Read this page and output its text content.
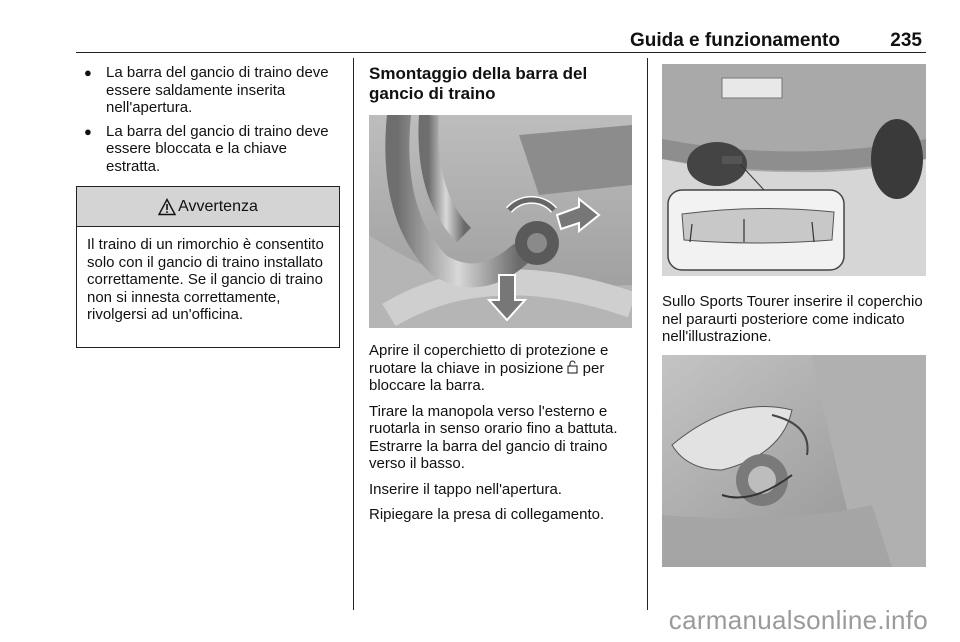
Guida e funzionamento	235
● La barra del gancio di traino deve essere saldamente inserita nell'apertura.
● La barra del gancio di traino deve essere bloccata e la chiave estratta.
Avvertenza
Il traino di un rimorchio è consentito solo con il gancio di traino installato correttamente. Se il gancio di traino non si innesta correttamente, rivolgersi ad un'officina.
Smontaggio della barra del gancio di traino

Aprire il coperchietto di protezione e ruotare la chiave in posizione per bloccare la barra.

Tirare la manopola verso l'esterno e ruotarla in senso orario fino a battuta. Estrarre la barra del gancio di traino verso il basso.

Inserire il tappo nell'apertura.

Ripiegare la presa di collegamento.

Sullo Sports Tourer inserire il coperchio nel paraurti posteriore come indicato nell'illustrazione.

carmanualsonline.info
